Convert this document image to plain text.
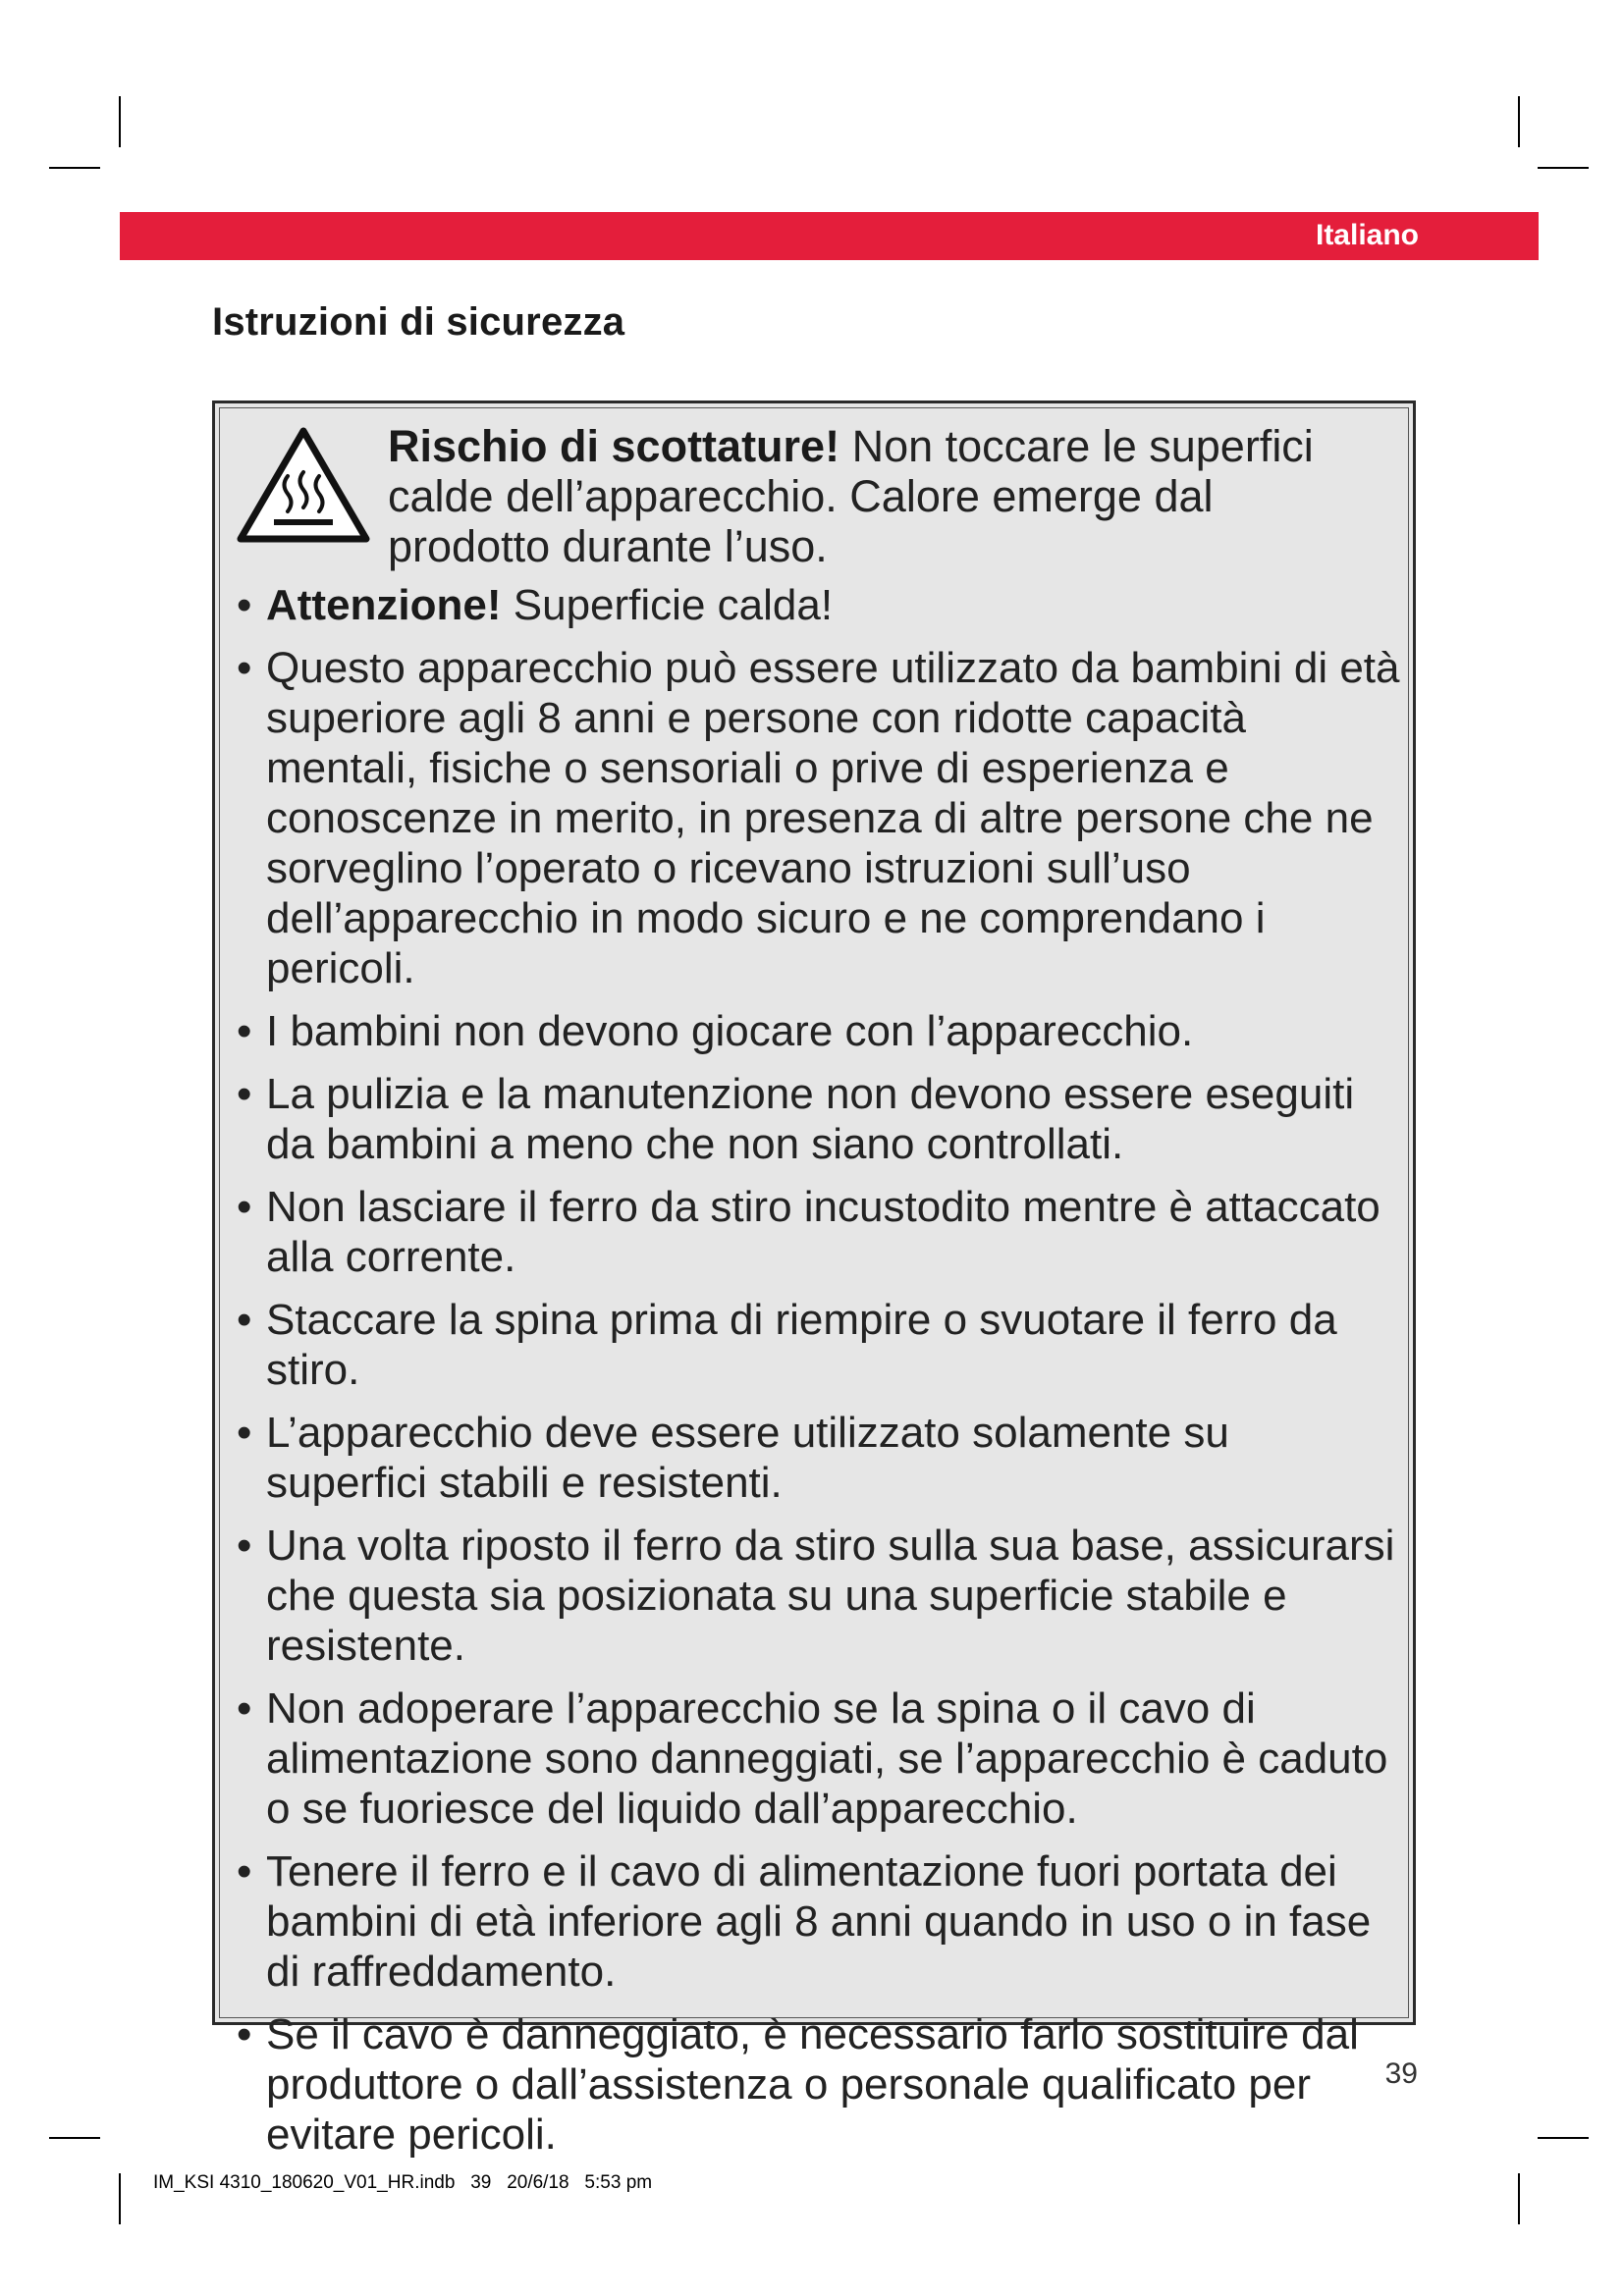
Italiano
Istruzioni di sicurezza
Rischio di scottature! Non toccare le superfici calde dell’apparecchio. Calore emerge dal prodotto durante l’uso.
• Attenzione! Superficie calda!
• Questo apparecchio può essere utilizzato da bambini di età superiore agli 8 anni e persone con ridotte capacità mentali, fisiche o sensoriali o prive di esperienza e conoscenze in merito, in presenza di altre persone che ne sorveglino l’operato o ricevano istruzioni sull’uso dell’apparecchio in modo sicuro e ne comprendano i pericoli.
• I bambini non devono giocare con l’apparecchio.
• La pulizia e la manutenzione non devono essere eseguiti da bambini a meno che non siano controllati.
• Non lasciare il ferro da stiro incustodito mentre è attaccato alla corrente.
• Staccare la spina prima di riempire o svuotare il ferro da stiro.
• L’apparecchio deve essere utilizzato solamente su superfici stabili e resistenti.
• Una volta riposto il ferro da stiro sulla sua base, assicurarsi che questa sia posizionata su una superficie stabile e resistente.
• Non adoperare l’apparecchio se la spina o il cavo di alimentazione sono danneggiati, se l’apparecchio è caduto o se fuoriesce del liquido dall’apparecchio.
• Tenere il ferro e il cavo di alimentazione fuori portata dei bambini di età inferiore agli 8 anni quando in uso o in fase di raffreddamento.
• Se il cavo è danneggiato, è necessario farlo sostituire dal produttore o dall’assistenza o personale qualificato per evitare pericoli.
39
IM_KSI 4310_180620_V01_HR.indb   39   20/6/18   5:53 pm
